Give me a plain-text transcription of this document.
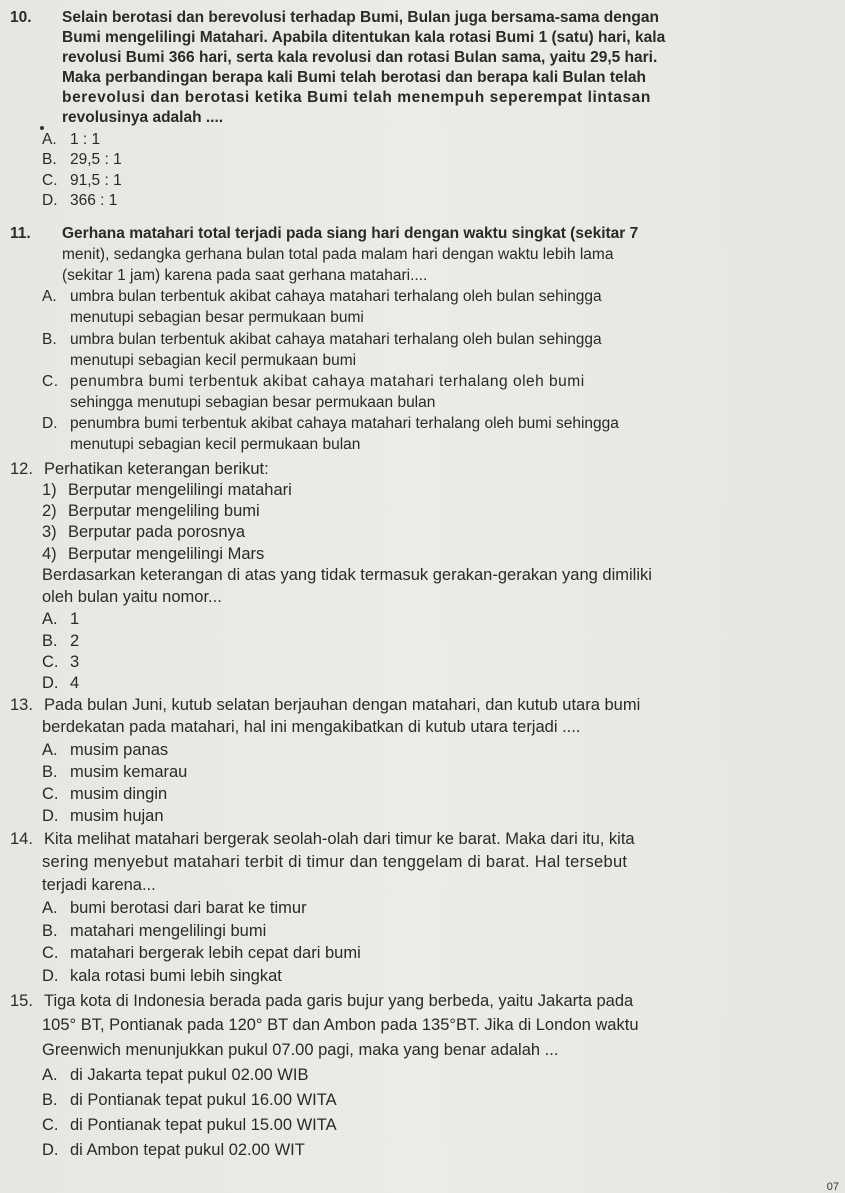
10. Selain berotasi dan berevolusi terhadap Bumi, Bulan juga bersama-sama dengan
Bumi mengelilingi Matahari. Apabila ditentukan kala rotasi Bumi 1 (satu) hari, kala
revolusi Bumi 366 hari, serta kala revolusi dan rotasi Bulan sama, yaitu 29,5 hari.
Maka perbandingan berapa kali Bumi telah berotasi dan berapa kali Bulan telah
berevolusi dan berotasi ketika Bumi telah menempuh seperempat lintasan
revolusinya adalah ....
A. 1 : 1
B. 29,5 : 1
C. 91,5 : 1
D. 366 : 1
11. Gerhana matahari total terjadi pada siang hari dengan waktu singkat (sekitar 7
menit), sedangka gerhana bulan total pada malam hari dengan waktu lebih lama
(sekitar 1 jam) karena pada saat gerhana matahari....
A. umbra bulan terbentuk akibat cahaya matahari terhalang oleh bulan sehingga
menutupi sebagian besar permukaan bumi
B. umbra bulan terbentuk akibat cahaya matahari terhalang oleh bulan sehingga
menutupi sebagian kecil permukaan bumi
C. penumbra bumi terbentuk akibat cahaya matahari terhalang oleh bumi
sehingga menutupi sebagian besar permukaan bulan
D. penumbra bumi terbentuk akibat cahaya matahari terhalang oleh bumi sehingga
menutupi sebagian kecil permukaan bulan
12. Perhatikan keterangan berikut:
1) Berputar mengelilingi matahari
2) Berputar mengeliling bumi
3) Berputar pada porosnya
4) Berputar mengelilingi Mars
Berdasarkan keterangan di atas yang tidak termasuk gerakan-gerakan yang dimiliki
oleh bulan yaitu nomor...
A. 1
B. 2
C. 3
D. 4
13. Pada bulan Juni, kutub selatan berjauhan dengan matahari, dan kutub utara bumi
berdekatan pada matahari, hal ini mengakibatkan di kutub utara terjadi ....
A. musim panas
B. musim kemarau
C. musim dingin
D. musim hujan
14. Kita melihat matahari bergerak seolah-olah dari timur ke barat. Maka dari itu, kita
sering menyebut matahari terbit di timur dan tenggelam di barat. Hal tersebut
terjadi karena...
A. bumi berotasi dari barat ke timur
B. matahari mengelilingi bumi
C. matahari bergerak lebih cepat dari bumi
D. kala rotasi bumi lebih singkat
15. Tiga kota di Indonesia berada pada garis bujur yang berbeda, yaitu Jakarta pada
105° BT, Pontianak pada 120° BT dan Ambon pada 135°BT. Jika di London waktu
Greenwich menunjukkan pukul 07.00 pagi, maka yang benar adalah ...
A. di Jakarta tepat pukul 02.00 WIB
B. di Pontianak tepat pukul 16.00 WITA
C. di Pontianak tepat pukul 15.00 WITA
D. di Ambon tepat pukul 02.00 WIT
07
